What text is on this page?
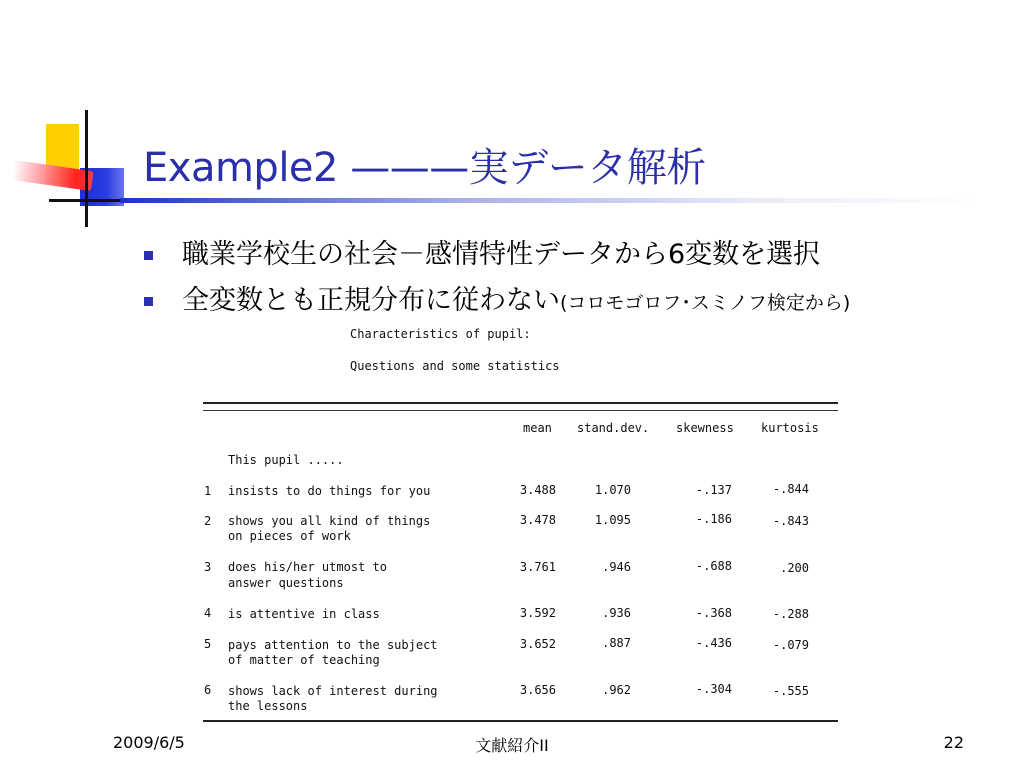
Example2 ———実データ解析
職業学校生の社会－感情特性データから6変数を選択
全変数とも正規分布に従わない(コロモゴロフ･スミノフ検定から)
Characteristics of pupil:
Questions and some statistics
mean stand.dev. skewness kurtosis
This pupil .....
1 insists to do things for you	3.488	1.070	-.137	-.844
2 shows you all kind of things
on pieces of work
3.478	1.095	-.186	-.843
3 does his/her utmost to
answer questions
3.761	.946	-.688	.200
4 is attentive in class	3.592	.936	-.368	-.288
5 pays attention to the subject
of matter of teaching
3.652	.887	-.436	-.079
6 shows lack of interest during
the lessons
3.656	.962	-.304	-.555
2009/6/5	文献紹介II	22
